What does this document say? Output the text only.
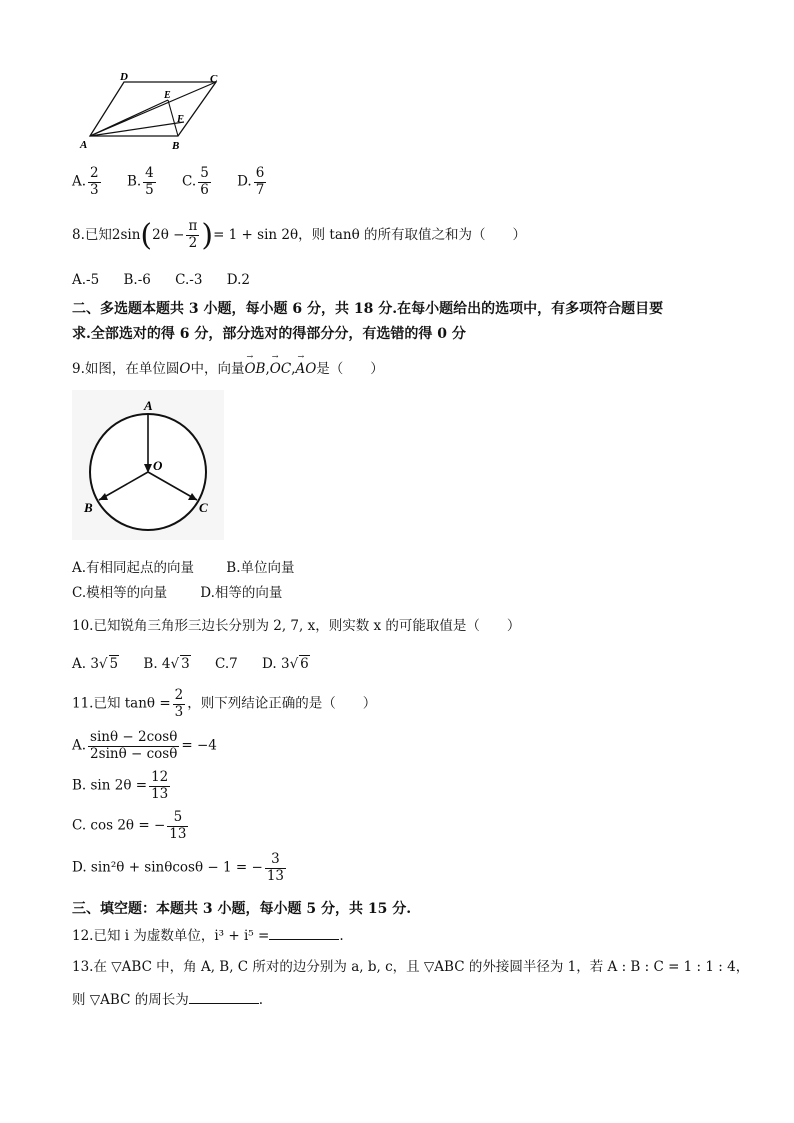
D	C
E
F
A	B
A. $\frac{2}{3} B$. $\frac{4}{5} C$. $\frac{5}{6} D$. $\frac{6}{7}$
8.已知$2\sin(2\theta - \frac{\pi}{2}$ )= 1 + sin 2θ，则 tanθ 的所有取值之和为（　　）
A.-5 B.-6 C.-3 D.2
二、多选题本题共 3 小题，每小题 6 分，共 18 分.在每小题给出的选项中，有多项符合题目要
求.全部选对的得 6 分，部分选对的得部分分，有选错的得 0 分
9.如图，在单位圆O中，向量→ OB,→ OC,→ AO是（　　）
A
O
B	C
A.有相同起点的向量 B.单位向量
C.模相等的向量 D.相等的向量
10.已知锐角三角形三边长分别为 2, 7, x，则实数 x 的可能取值是（　　）
A. 3√ 5 B. 4√ 3 C.7 D. 3√ 6
11.已知 $\tan\theta = \frac{2}{3}$ ，则下列结论正确的是（　　）
A. $\frac{\sin\theta - 2\cos\theta}{2\sin\theta - \cos\theta} = -4$
B. $\sin 2\theta = \frac{12}{13}$
C. cos 2θ = − $\frac{5}{13}$
D. sin²θ + sinθcosθ − 1 = − $\frac{3}{13}$
三、填空题：本题共 3 小题，每小题 5 分，共 15 分.
12.已知 i 为虚数单位，i³ + i⁵ =	.
13.在 ▽ABC 中，角 A, B, C 所对的边分别为 a, b, c，且 ▽ABC 的外接圆半径为 1，若 A : B : C = 1 : 1 : 4，
则 ▽ABC 的周长为	.
